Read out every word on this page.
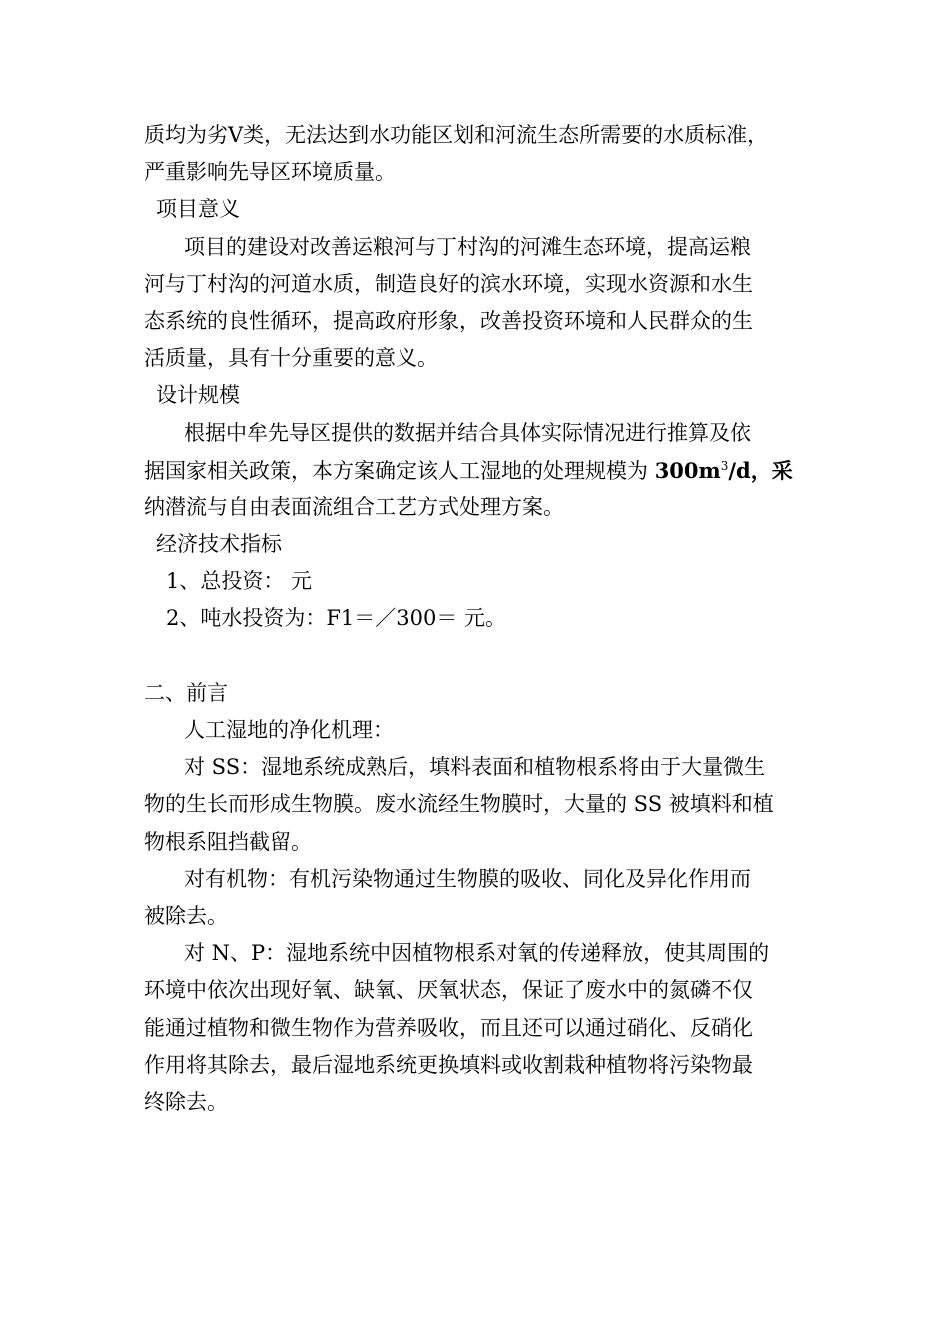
质均为劣V类，无法达到水功能区划和河流生态所需要的水质标准，
严重影响先导区环境质量。
项目意义
项目的建设对改善运粮河与丁村沟的河滩生态环境，提高运粮
河与丁村沟的河道水质，制造良好的滨水环境，实现水资源和水生
态系统的良性循环，提高政府形象，改善投资环境和人民群众的生
活质量，具有十分重要的意义。
设计规模
根据中牟先导区提供的数据并结合具体实际情况进行推算及依
据国家相关政策，本方案确定该人工湿地的处理规模为 $300m^3/d$，采
纳潜流与自由表面流组合工艺方式处理方案。
经济技术指标
1、总投资： 元
2、吨水投资为：F1＝／300＝ 元。
二、前言
人工湿地的净化机理：
对 SS：湿地系统成熟后，填料表面和植物根系将由于大量微生
物的生长而形成生物膜。废水流经生物膜时，大量的 SS 被填料和植
物根系阻挡截留。
对有机物：有机污染物通过生物膜的吸收、同化及异化作用而
被除去。
对 N、P：湿地系统中因植物根系对氧的传递释放，使其周围的
环境中依次出现好氧、缺氧、厌氧状态，保证了废水中的氮磷不仅
能通过植物和微生物作为营养吸收，而且还可以通过硝化、反硝化
作用将其除去，最后湿地系统更换填料或收割栽种植物将污染物最
终除去。
